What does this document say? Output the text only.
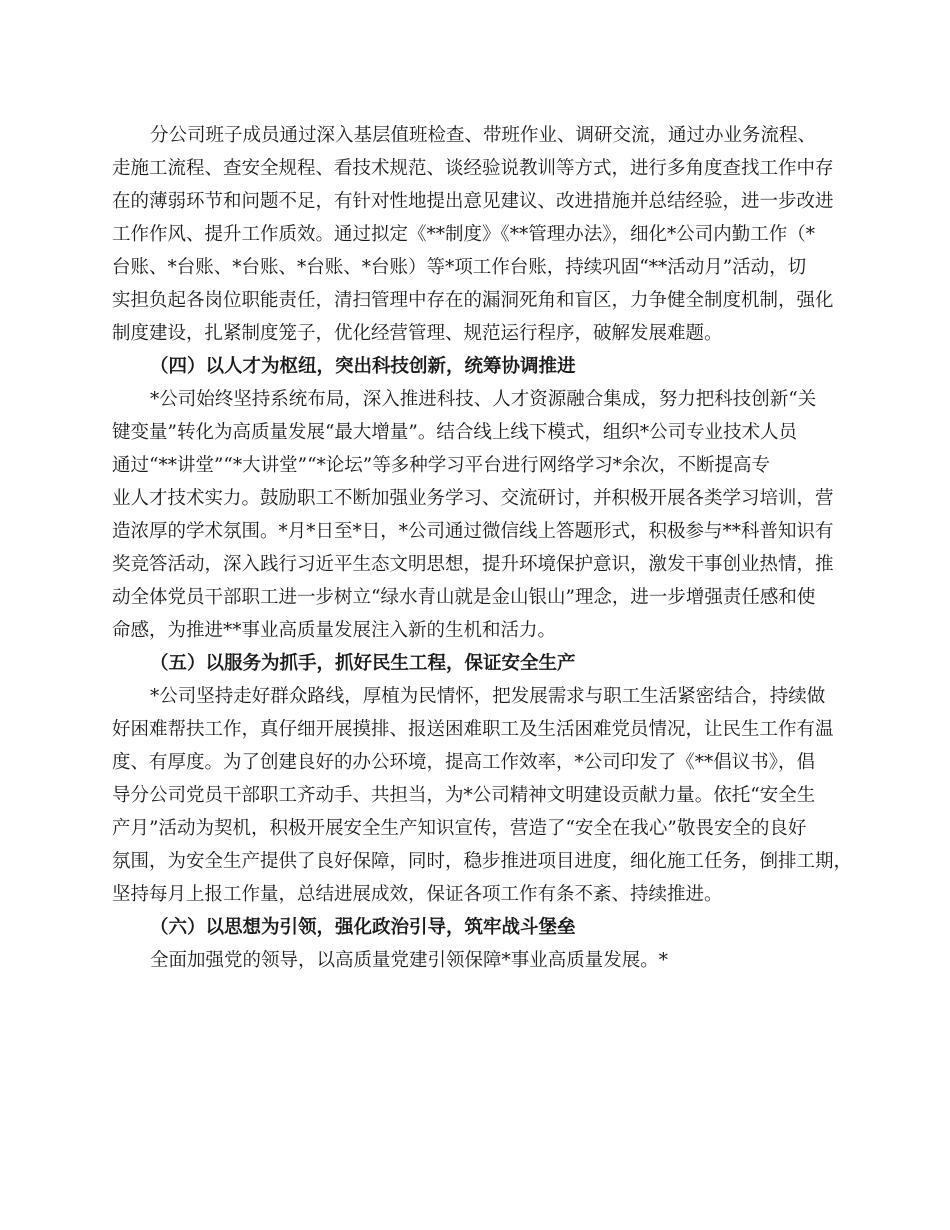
分公司班子成员通过深入基层值班检查、带班作业、调研交流，通过办业务流程、
走施工流程、查安全规程、看技术规范、谈经验说教训等方式，进行多角度查找工作中存
在的薄弱环节和问题不足，有针对性地提出意见建议、改进措施并总结经验，进一步改进
工作作风、提升工作质效。通过拟定《**制度》《**管理办法》，细化*公司内勤工作（*
台账、*台账、*台账、*台账、*台账）等*项工作台账，持续巩固“**活动月”活动，切
实担负起各岗位职能责任，清扫管理中存在的漏洞死角和盲区，力争健全制度机制，强化
制度建设，扎紧制度笼子，优化经营管理、规范运行程序，破解发展难题。
（四）以人才为枢纽，突出科技创新，统筹协调推进
*公司始终坚持系统布局，深入推进科技、人才资源融合集成，努力把科技创新“关
键变量”转化为高质量发展“最大增量”。结合线上线下模式，组织*公司专业技术人员
通过“**讲堂”“*大讲堂”“*论坛”等多种学习平台进行网络学习*余次，不断提高专
业人才技术实力。鼓励职工不断加强业务学习、交流研讨，并积极开展各类学习培训，营
造浓厚的学术氛围。*月*日至*日，*公司通过微信线上答题形式，积极参与**科普知识有
奖竞答活动，深入践行习近平生态文明思想，提升环境保护意识，激发干事创业热情，推
动全体党员干部职工进一步树立“绿水青山就是金山银山”理念，进一步增强责任感和使
命感，为推进**事业高质量发展注入新的生机和活力。
（五）以服务为抓手，抓好民生工程，保证安全生产
*公司坚持走好群众路线，厚植为民情怀，把发展需求与职工生活紧密结合，持续做
好困难帮扶工作，真仔细开展摸排、报送困难职工及生活困难党员情况，让民生工作有温
度、有厚度。为了创建良好的办公环境，提高工作效率，*公司印发了《**倡议书》，倡
导分公司党员干部职工齐动手、共担当，为*公司精神文明建设贡献力量。依托“安全生
产月”活动为契机，积极开展安全生产知识宣传，营造了“安全在我心”敬畏安全的良好
氛围，为安全生产提供了良好保障，同时，稳步推进项目进度，细化施工任务，倒排工期，
坚持每月上报工作量，总结进展成效，保证各项工作有条不紊、持续推进。
（六）以思想为引领，强化政治引导，筑牢战斗堡垒
全面加强党的领导，以高质量党建引领保障*事业高质量发展。*
